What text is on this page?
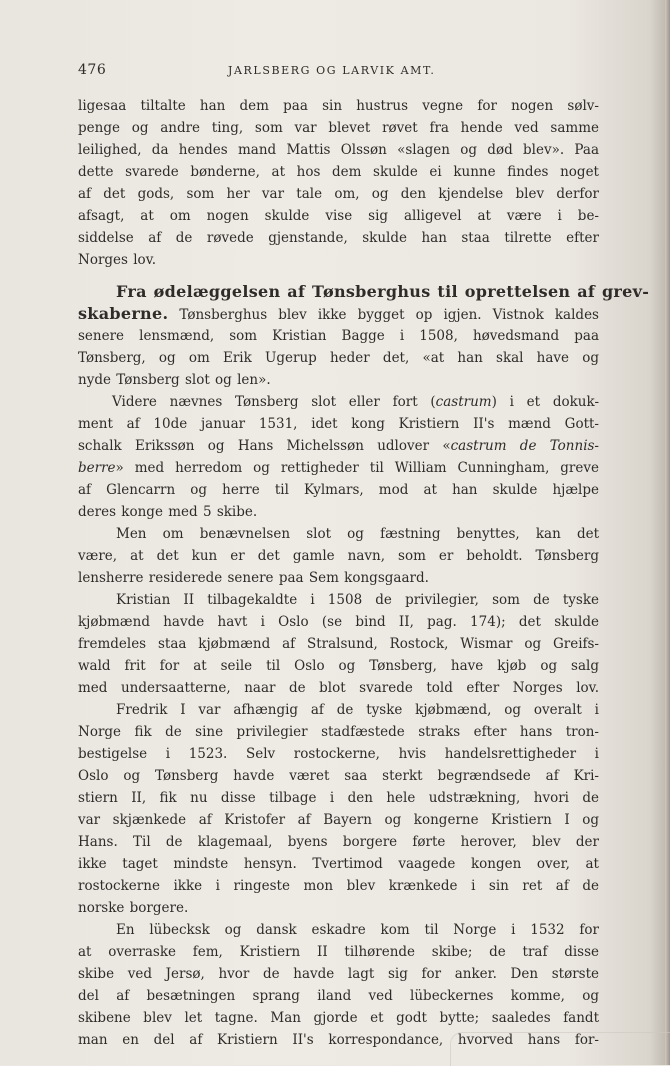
476	JARLSBERG OG LARVIK AMT.
ligesaa tiltalte han dem paa sin hustrus vegne for nogen sølv-
penge og andre ting, som var blevet røvet fra hende ved samme
leilighed, da hendes mand Mattis Olssøn «slagen og død blev». Paa
dette svarede bønderne, at hos dem skulde ei kunne findes noget
af det gods, som her var tale om, og den kjendelse blev derfor
afsagt, at om nogen skulde vise sig alligevel at være i be-
siddelse af de røvede gjenstande, skulde han staa tilrette efter
Norges lov.
Fra ødelæggelsen af Tønsberghus til oprettelsen af grev-
skaberne. Tønsberghus blev ikke bygget op igjen. Vistnok kaldes
senere lensmænd, som Kristian Bagge i 1508, høvedsmand paa
Tønsberg, og om Erik Ugerup heder det, «at han skal have og
nyde Tønsberg slot og len».
Videre nævnes Tønsberg slot eller fort (castrum) i et dokuk-
ment af 10de januar 1531, idet kong Kristiern II's mænd Gott-
schalk Erikssøn og Hans Michelssøn udlover «castrum de Tonnis-
berre» med herredom og rettigheder til William Cunningham, greve
af Glencarrn og herre til Kylmars, mod at han skulde hjælpe
deres konge med 5 skibe.
Men om benævnelsen slot og fæstning benyttes, kan det
være, at det kun er det gamle navn, som er beholdt. Tønsberg
lensherre residerede senere paa Sem kongsgaard.
Kristian II tilbagekaldte i 1508 de privilegier, som de tyske
kjøbmænd havde havt i Oslo (se bind II, pag. 174); det skulde
fremdeles staa kjøbmænd af Stralsund, Rostock, Wismar og Greifs-
wald frit for at seile til Oslo og Tønsberg, have kjøb og salg
med undersaatterne, naar de blot svarede told efter Norges lov.
Fredrik I var afhængig af de tyske kjøbmænd, og overalt i
Norge fik de sine privilegier stadfæstede straks efter hans tron-
bestigelse i 1523. Selv rostockerne, hvis handelsrettigheder i
Oslo og Tønsberg havde været saa sterkt begrændsede af Kri-
stiern II, fik nu disse tilbage i den hele udstrækning, hvori de
var skjænkede af Kristofer af Bayern og kongerne Kristiern I og
Hans. Til de klagemaal, byens borgere førte herover, blev der
ikke taget mindste hensyn. Tvertimod vaagede kongen over, at
rostockerne ikke i ringeste mon blev krænkede i sin ret af de
norske borgere.
En lübecksk og dansk eskadre kom til Norge i 1532 for
at overraske fem, Kristiern II tilhørende skibe; de traf disse
skibe ved Jersø, hvor de havde lagt sig for anker. Den største
del af besætningen sprang iland ved lübeckernes komme, og
skibene blev let tagne. Man gjorde et godt bytte; saaledes fandt
man en del af Kristiern II's korrespondance, hvorved hans for-
